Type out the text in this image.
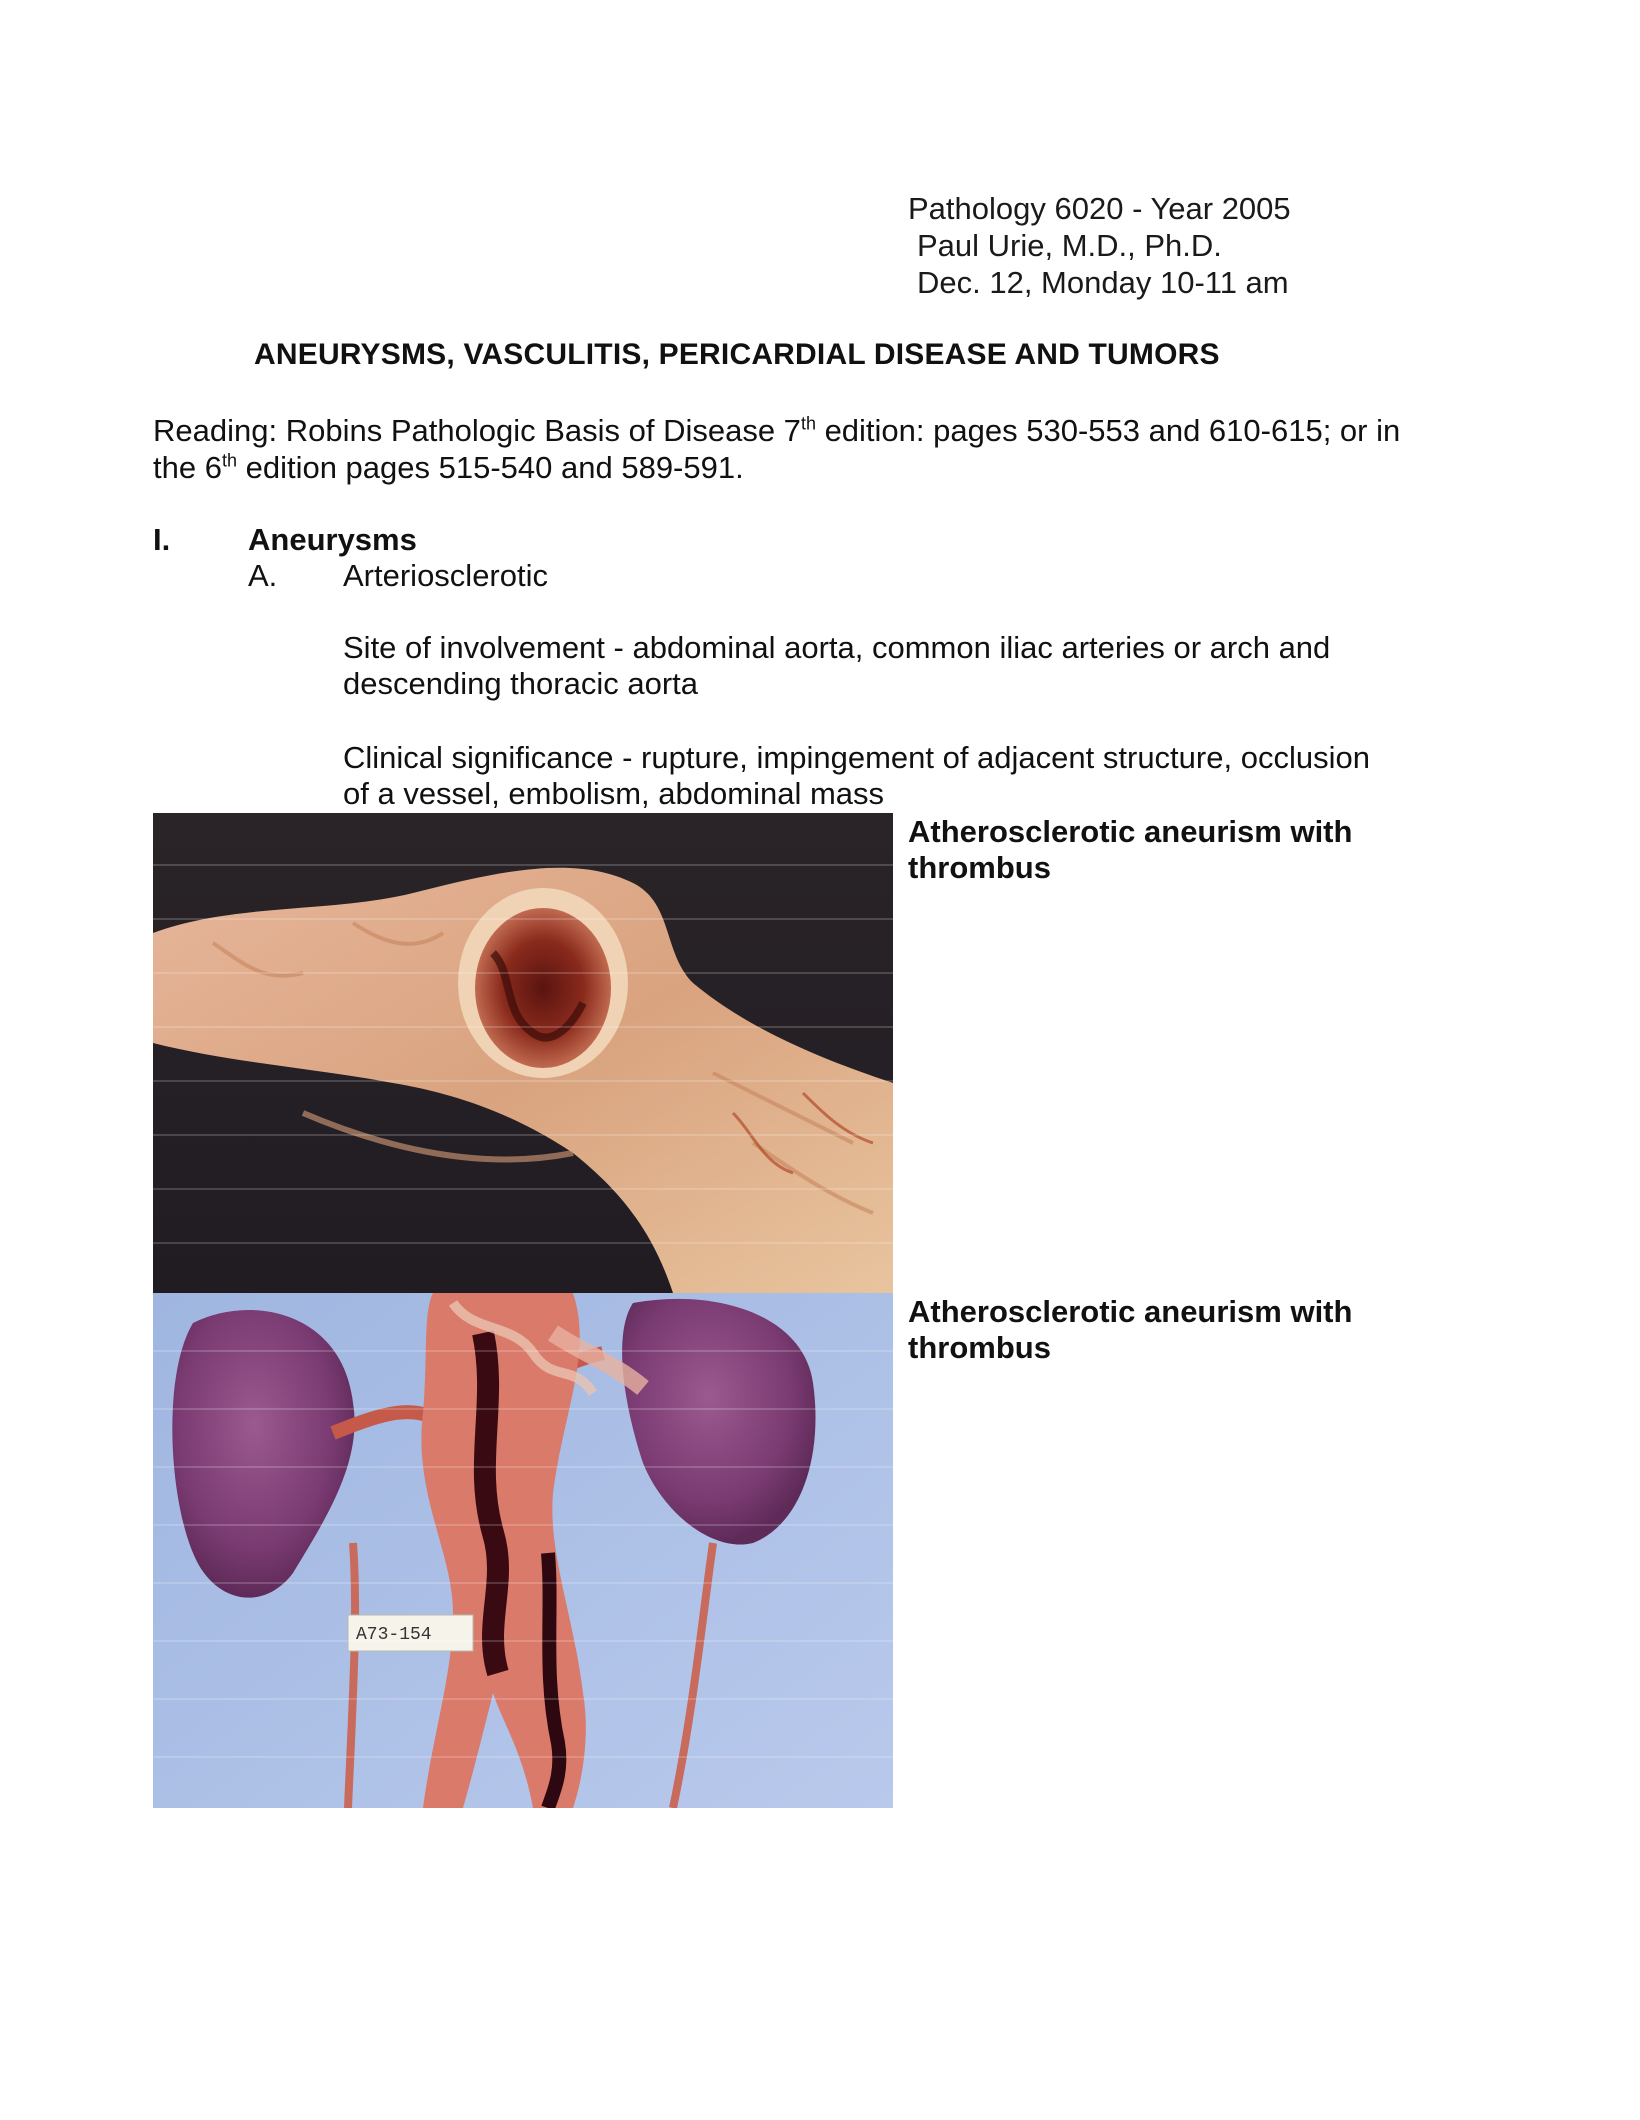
Pathology 6020 - Year 2005
Paul Urie, M.D., Ph.D.
Dec. 12, Monday 10-11 am
ANEURYSMS, VASCULITIS, PERICARDIAL DISEASE AND TUMORS
Reading: Robins Pathologic Basis of Disease 7th edition: pages 530-553 and 610-615; or in the 6th edition pages 515-540 and 589-591.
I.	Aneurysms
A. Arteriosclerotic
Site of involvement - abdominal aorta, common iliac arteries or arch and descending thoracic aorta
Clinical significance - rupture, impingement of adjacent structure, occlusion of a vessel, embolism, abdominal mass
A73-154
Atherosclerotic aneurism with thrombus
Atherosclerotic aneurism with thrombus
